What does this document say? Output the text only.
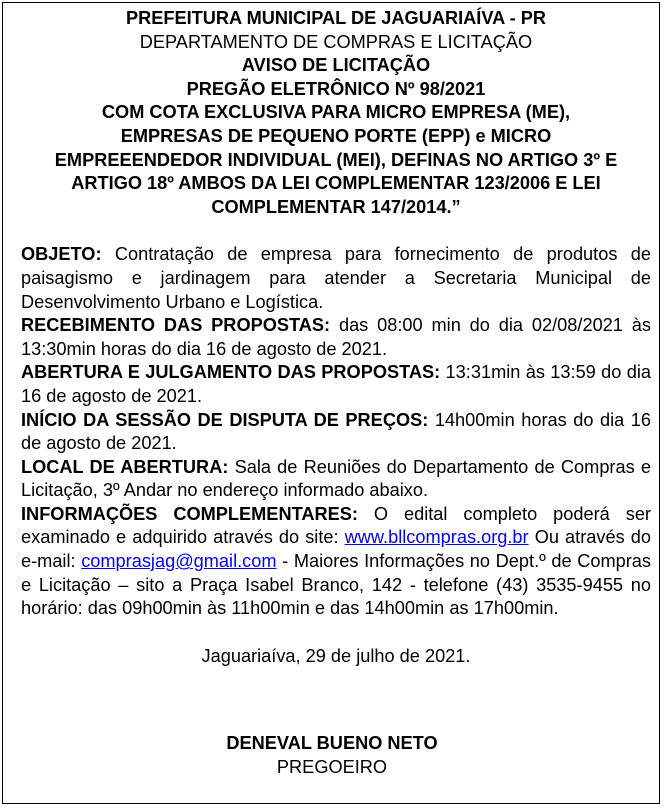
PREFEITURA MUNICIPAL DE JAGUARIAÍVA - PR
DEPARTAMENTO DE COMPRAS E LICITAÇÃO
AVISO DE LICITAÇÃO
PREGÃO ELETRÔNICO Nº 98/2021
COM COTA EXCLUSIVA PARA MICRO EMPRESA (ME),
EMPRESAS DE PEQUENO PORTE (EPP) e MICRO
EMPREEENDEDOR INDIVIDUAL (MEI), DEFINAS NO ARTIGO 3º E
ARTIGO 18º AMBOS DA LEI COMPLEMENTAR 123/2006 E LEI
COMPLEMENTAR 147/2014.”
OBJETO: Contratação de empresa para fornecimento de produtos de paisagismo e jardinagem para atender a Secretaria Municipal de Desenvolvimento Urbano e Logística.
RECEBIMENTO DAS PROPOSTAS: das 08:00 min do dia 02/08/2021 às 13:30min horas do dia 16 de agosto de 2021.
ABERTURA E JULGAMENTO DAS PROPOSTAS: 13:31min às 13:59 do dia 16 de agosto de 2021.
INÍCIO DA SESSÃO DE DISPUTA DE PREÇOS: 14h00min horas do dia 16 de agosto de 2021.
LOCAL DE ABERTURA: Sala de Reuniões do Departamento de Compras e Licitação, 3º Andar no endereço informado abaixo.
INFORMAÇÕES COMPLEMENTARES: O edital completo poderá ser examinado e adquirido através do site: www.bllcompras.org.br Ou através do e-mail: comprasjag@gmail.com - Maiores Informações no Dept.º de Compras e Licitação – sito a Praça Isabel Branco, 142 - telefone (43) 3535-9455 no horário: das 09h00min às 11h00min e das 14h00min as 17h00min.
Jaguariaíva, 29 de julho de 2021.
DENEVAL BUENO NETO
PREGOEIRO
